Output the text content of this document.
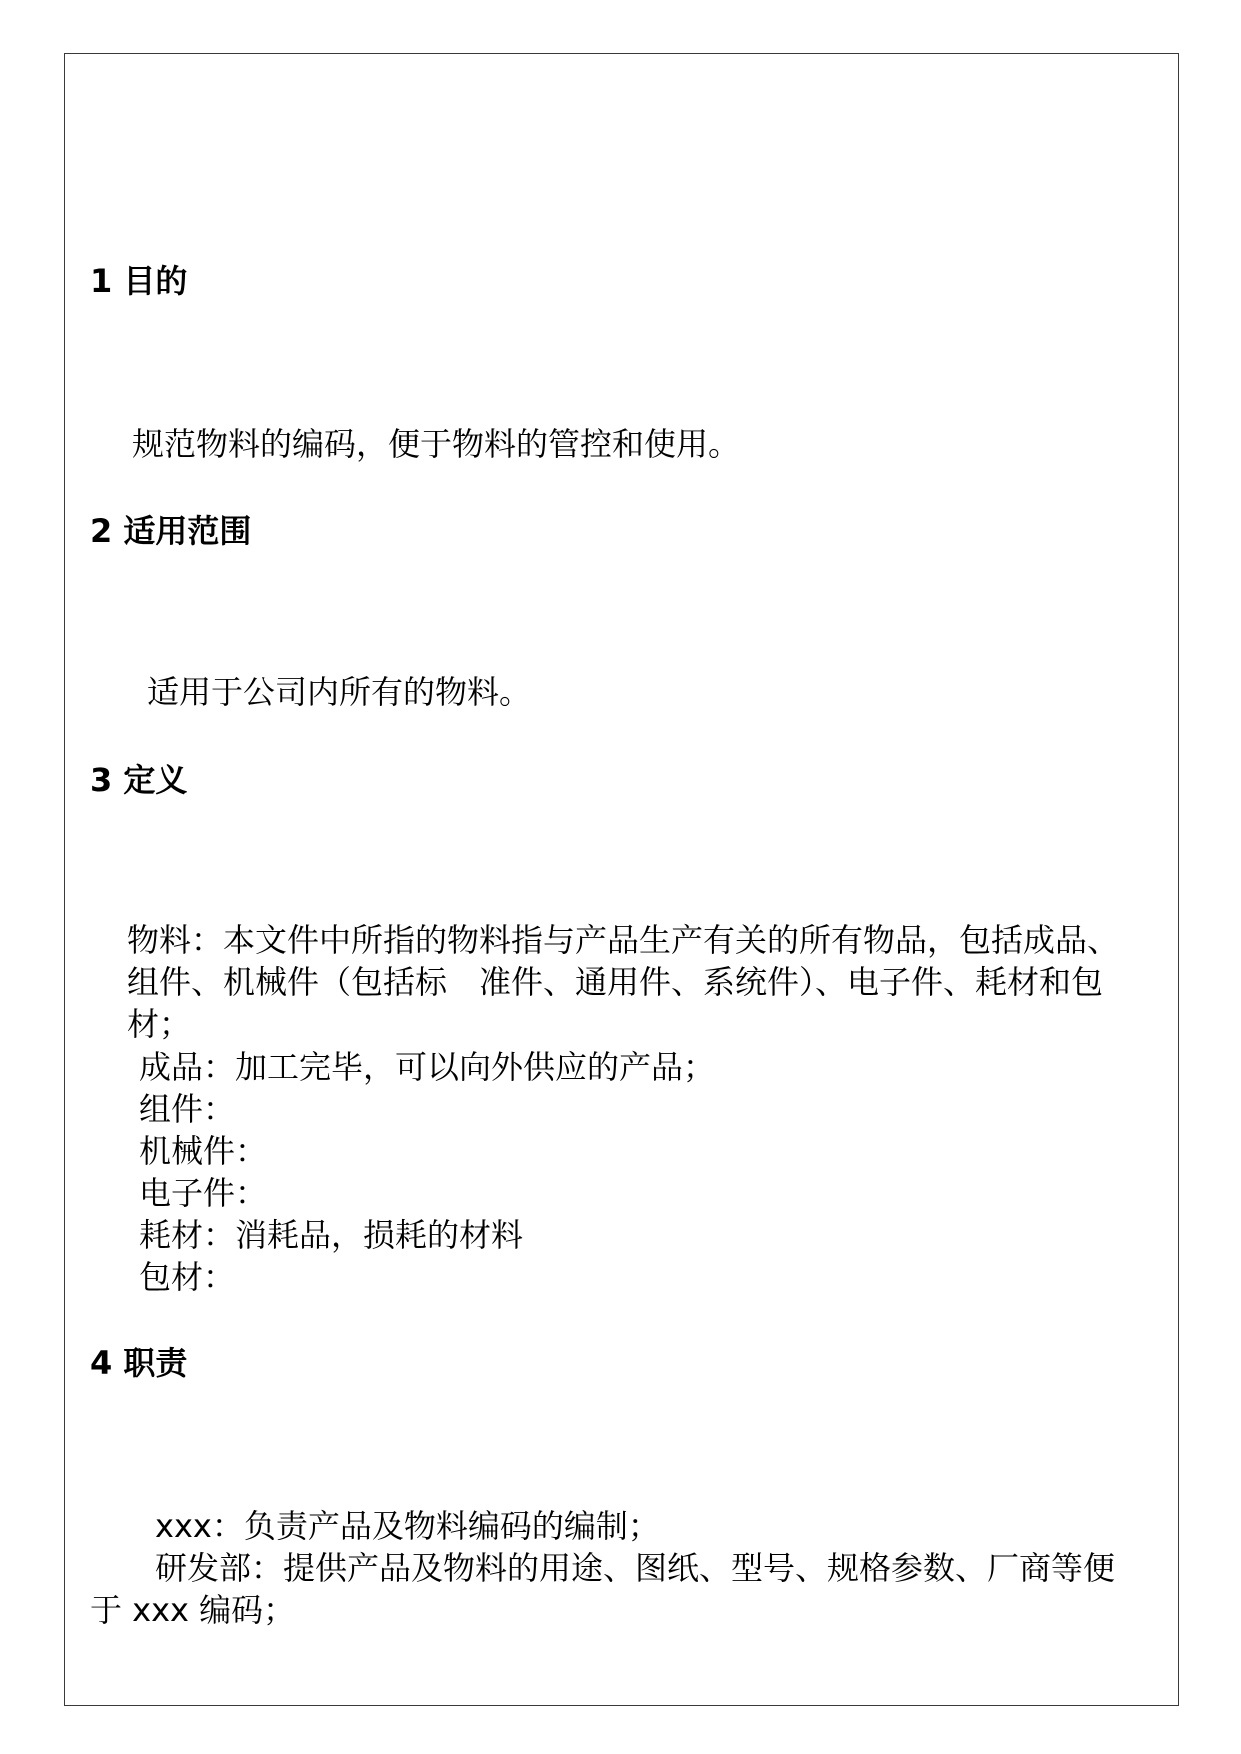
1 目的
规范物料的编码，便于物料的管控和使用。
2 适用范围
适用于公司内所有的物料。
3 定义
物料：本文件中所指的物料指与产品生产有关的所有物品，包括成品、
组件、机械件（包括标　准件、通用件、系统件）、电子件、耗材和包
材；
成品：加工完毕，可以向外供应的产品；
组件：
机械件：
电子件：
耗材：消耗品，损耗的材料
包材：
4 职责
xxx：负责产品及物料编码的编制；
研发部：提供产品及物料的用途、图纸、型号、规格参数、厂商等便
于 xxx 编码；
